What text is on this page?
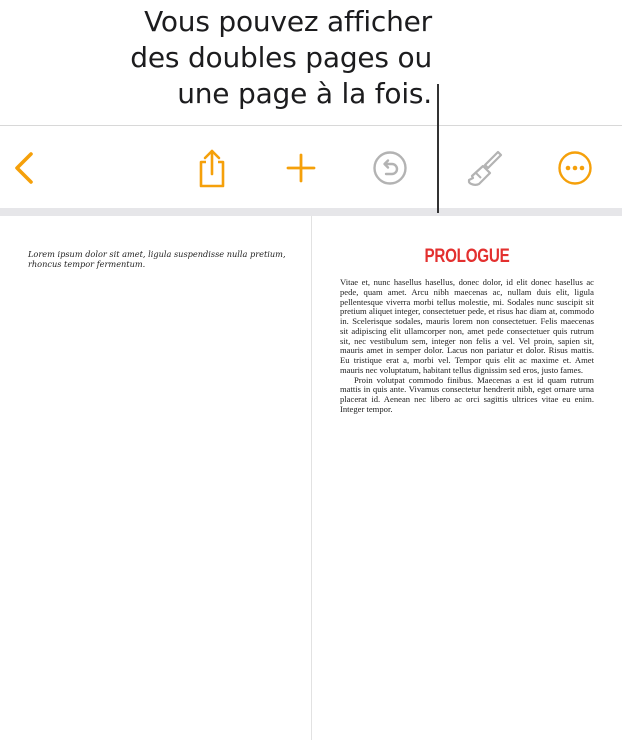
Vous pouvez afficher
des doubles pages ou
une page à la fois.
Lorem ipsum dolor sit amet, ligula suspendisse nulla pretium, rhoncus tempor fermentum.	PROLOGUE

Vitae et, nunc hasellus hasellus, donec dolor, id elit donec hasellus ac pede, quam amet. Arcu nibh maecenas ac, nullam duis elit, ligula pellentesque viverra morbi tellus molestie, mi. Sodales nunc suscipit sit pretium aliquet integer, consectetuer pede, et risus hac diam at, commodo in. Scelerisque sodales, mauris lorem non consectetuer. Felis maecenas sit adipiscing elit ullamcorper non, amet pede consectetuer quis rutrum sit, nec vestibulum sem, integer non felis a vel. Vel proin, sapien sit, mauris amet in semper dolor. Lacus non pariatur et dolor. Risus mattis. Eu tristique erat a, morbi vel. Tempor quis elit ac maxime et. Amet mauris nec voluptatum, habitant tellus dignissim sed eros, justo fames.

Proin volutpat commodo finibus. Maecenas a est id quam rutrum mattis in quis ante. Vivamus consectetur hendrerit nibh, eget ornare urna placerat id. Aenean nec libero ac orci sagittis ultrices vitae eu enim. Integer tempor.
